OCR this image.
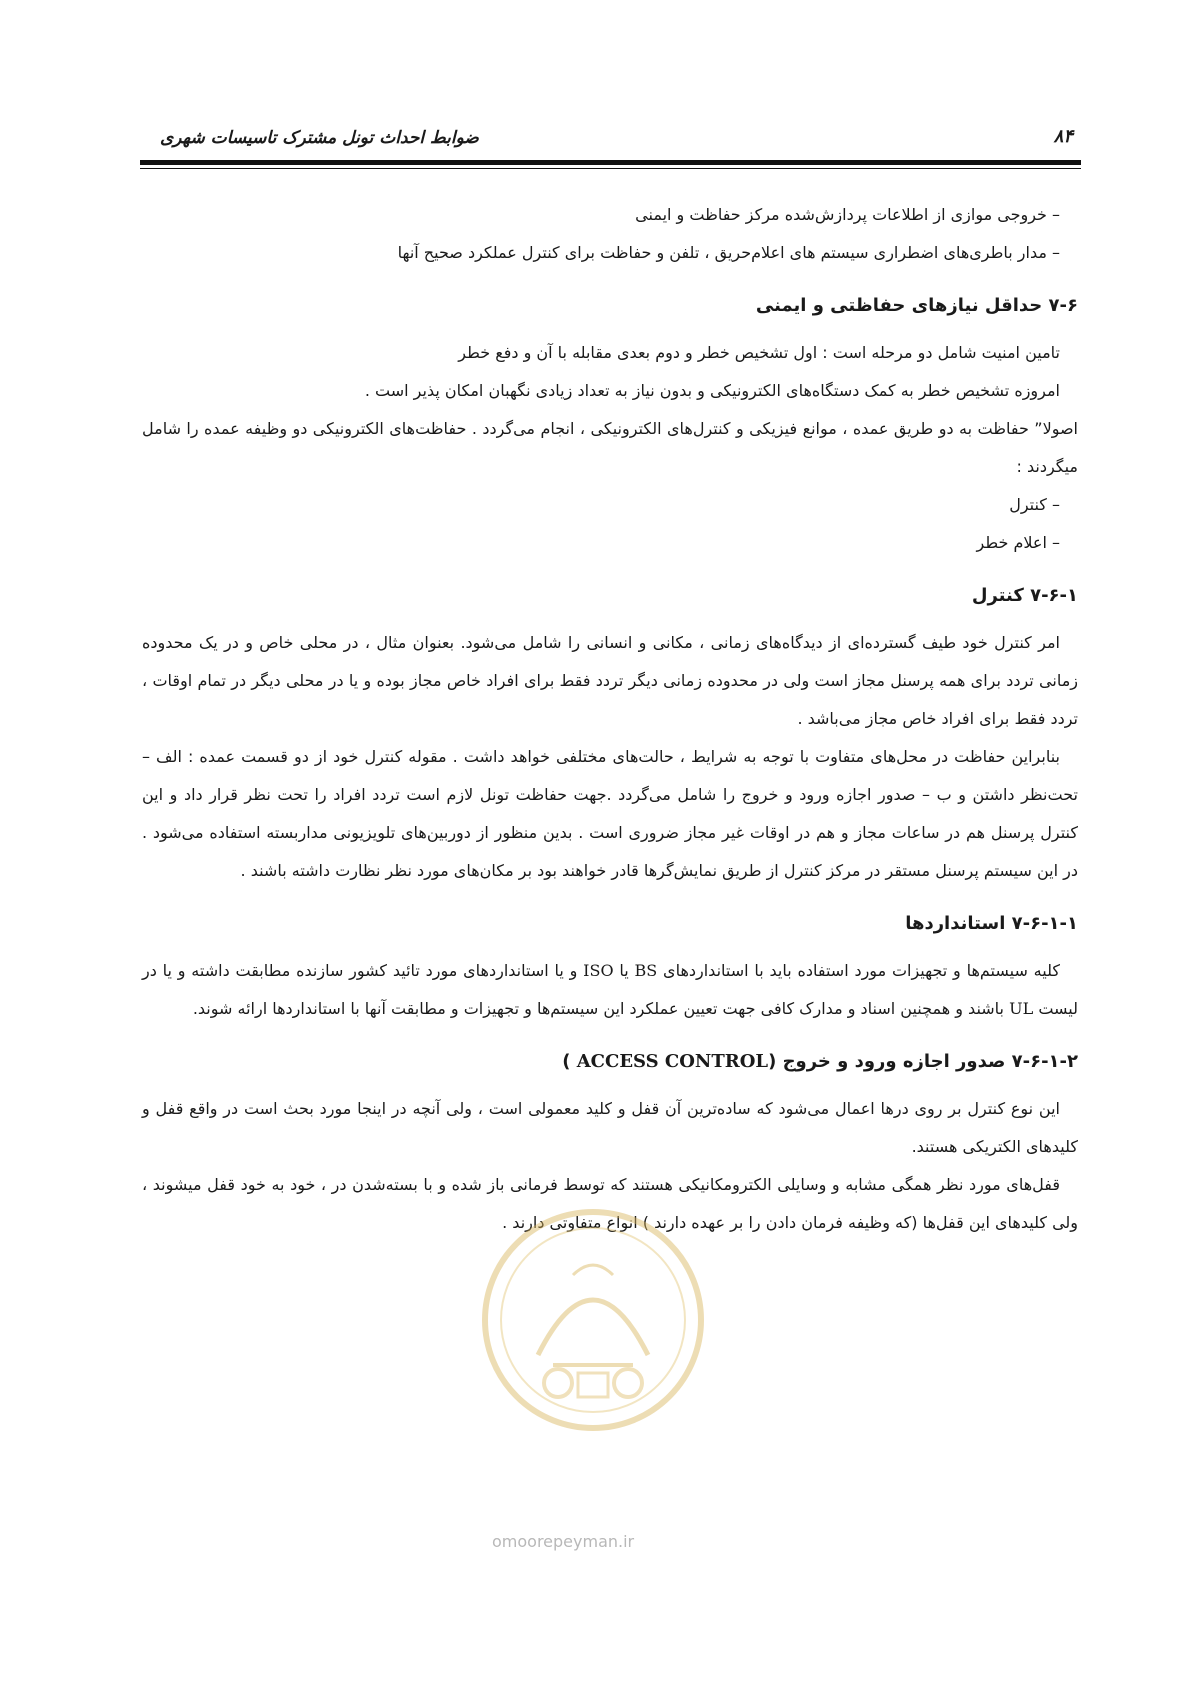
ضوابط احداث تونل مشترک تاسیسات شهری	۸۴

– خروجی موازی از اطلاعات پردازش‌شده مرکز حفاظت و ایمنی

– مدار باطری‌های اضطراری سیستم های اعلام‌حریق ، تلفن و حفاظت برای کنترل عملکرد صحیح آنها

۷-۶ حداقل نیازهای حفاظتی و ایمنی

تامین امنیت شامل دو مرحله است : اول تشخیص خطر و دوم بعدی مقابله با آن و دفع خطر

امروزه تشخیص خطر به کمک دستگاه‌های الکترونیکی و بدون نیاز به تعداد زیادی نگهبان امکان پذیر است .

اصولا” حفاظت به دو طریق عمده ، موانع فیزیکی و کنترل‌های الکترونیکی ، انجام می‌گردد . حفاظت‌های الکترونیکی دو وظیفه عمده را شامل میگردند :

– کنترل

– اعلام خطر

۷-۶-۱ کنترل

امر کنترل خود طیف گسترده‌ای از دیدگاه‌های زمانی ، مکانی و انسانی را شامل می‌شود. بعنوان مثال ، در محلی خاص و در یک محدوده زمانی تردد برای همه پرسنل مجاز است ولی در محدوده زمانی دیگر تردد فقط برای افراد خاص مجاز بوده و یا در محلی دیگر در تمام اوقات ، تردد فقط برای افراد خاص مجاز می‌باشد .

بنابراین حفاظت در محل‌های متفاوت با توجه به شرایط ، حالت‌های مختلفی خواهد داشت . مقوله کنترل خود از دو قسمت عمده : الف – تحت‌نظر داشتن و ب – صدور اجازه ورود و خروج را شامل می‌گردد .جهت حفاظت تونل لازم است تردد افراد را تحت نظر قرار داد و این کنترل پرسنل هم در ساعات مجاز و هم در اوقات غیر مجاز ضروری است . بدین منظور از دوربین‌های تلویزیونی مداربسته استفاده می‌شود . در این سیستم پرسنل مستقر در مرکز کنترل از طریق نمایش‌گرها قادر خواهند بود بر مکان‌های مورد نظر نظارت داشته باشند .

۷-۶-۱-۱ استانداردها

کلیه سیستم‌ها و تجهیزات مورد استفاده باید با استانداردهای BS یا ISO و یا استانداردهای مورد تائید کشور سازنده مطابقت داشته و یا در لیست UL باشند و همچنین اسناد و مدارک کافی جهت تعیین عملکرد این سیستم‌ها و تجهیزات و مطابقت آنها با استانداردها ارائه شوند.

۷-۶-۱-۲ صدور اجازه ورود و خروج (ACCESS CONTROL )

این نوع کنترل بر روی درها اعمال می‌شود که ساده‌ترین آن قفل و کلید معمولی است ، ولی آنچه در اینجا مورد بحث است در واقع قفل و کلیدهای الکتریکی هستند.

قفل‌های مورد نظر همگی مشابه و وسایلی الکترومکانیکی هستند که توسط فرمانی باز شده و با بسته‌شدن در ، خود به خود قفل میشوند ، ولی کلیدهای این قفل‌ها (که وظیفه فرمان دادن را بر عهده دارند ) انواع متفاوتی دارند .

omoorepeyman.ir
